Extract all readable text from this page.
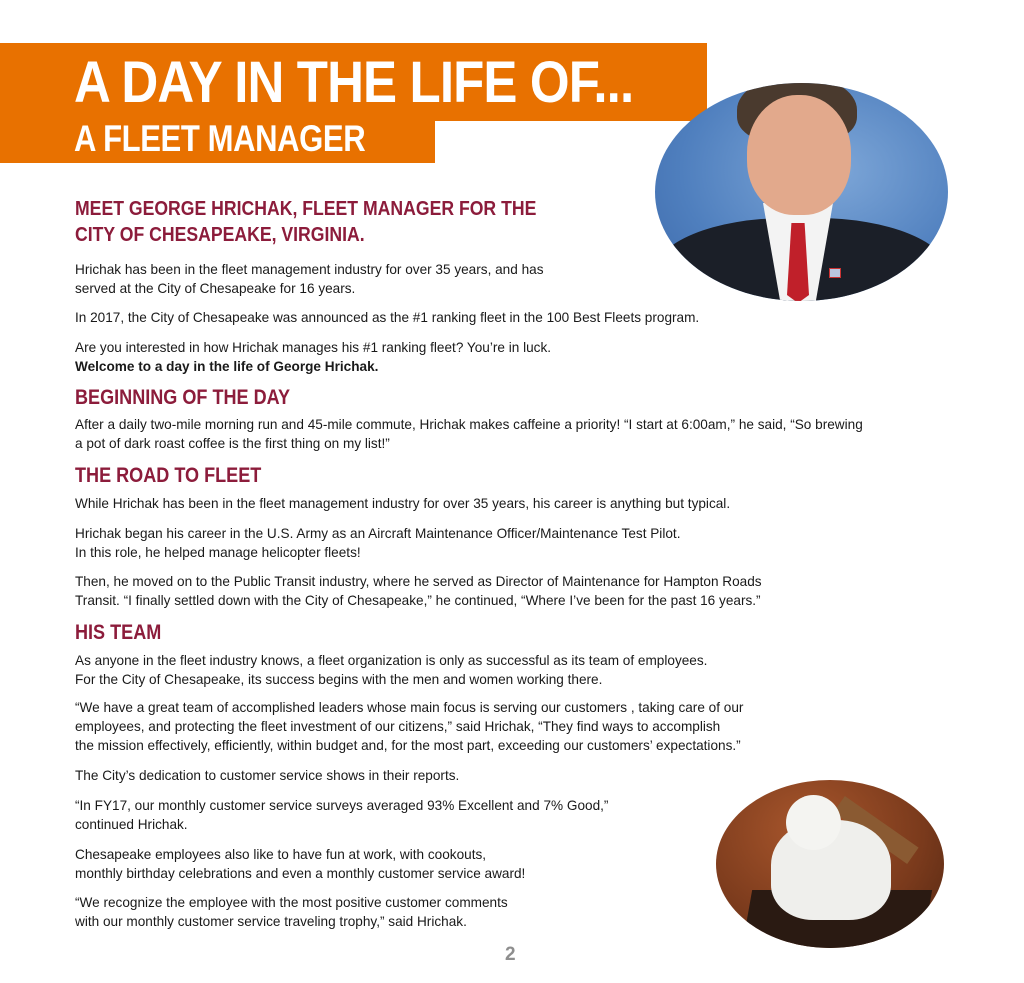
A DAY IN THE LIFE OF...
A FLEET MANAGER
MEET GEORGE HRICHAK, FLEET MANAGER FOR THE
CITY OF CHESAPEAKE, VIRGINIA.
Hrichak has been in the fleet management industry for over 35 years, and has
served at the City of Chesapeake for 16 years.
In 2017, the City of Chesapeake was announced as the #1 ranking fleet in the 100 Best Fleets program.
Are you interested in how Hrichak manages his #1 ranking fleet? You’re in luck.
Welcome to a day in the life of George Hrichak.
BEGINNING OF THE DAY
After a daily two-mile morning run and 45-mile commute, Hrichak makes caffeine a priority! “I start at 6:00am,” he said, “So brewing
a pot of dark roast coffee is the first thing on my list!”
THE ROAD TO FLEET
While Hrichak has been in the fleet management industry for over 35 years, his career is anything but typical.
Hrichak began his career in the U.S. Army as an Aircraft Maintenance Officer/Maintenance Test Pilot.
In this role, he helped manage helicopter fleets!
Then, he moved on to the Public Transit industry, where he served as Director of Maintenance for Hampton Roads
Transit. “I finally settled down with the City of Chesapeake,” he continued, “Where I’ve been for the past 16 years.”
HIS TEAM
As anyone in the fleet industry knows, a fleet organization is only as successful as its team of employees.
For the City of Chesapeake, its success begins with the men and women working there.
“We have a great team of accomplished leaders whose main focus is serving our customers , taking care of our
employees, and protecting the fleet investment of our citizens,” said Hrichak, “They find ways to accomplish
the mission effectively, efficiently, within budget and, for the most part, exceeding our customers’ expectations.”
The City’s dedication to customer service shows in their reports.
“In FY17, our monthly customer service surveys averaged 93% Excellent and 7% Good,”
continued Hrichak.
Chesapeake employees also like to have fun at work, with cookouts,
monthly birthday celebrations and even a monthly customer service award!
“We recognize the employee with the most positive customer comments
with our monthly customer service traveling trophy,” said Hrichak.
2
